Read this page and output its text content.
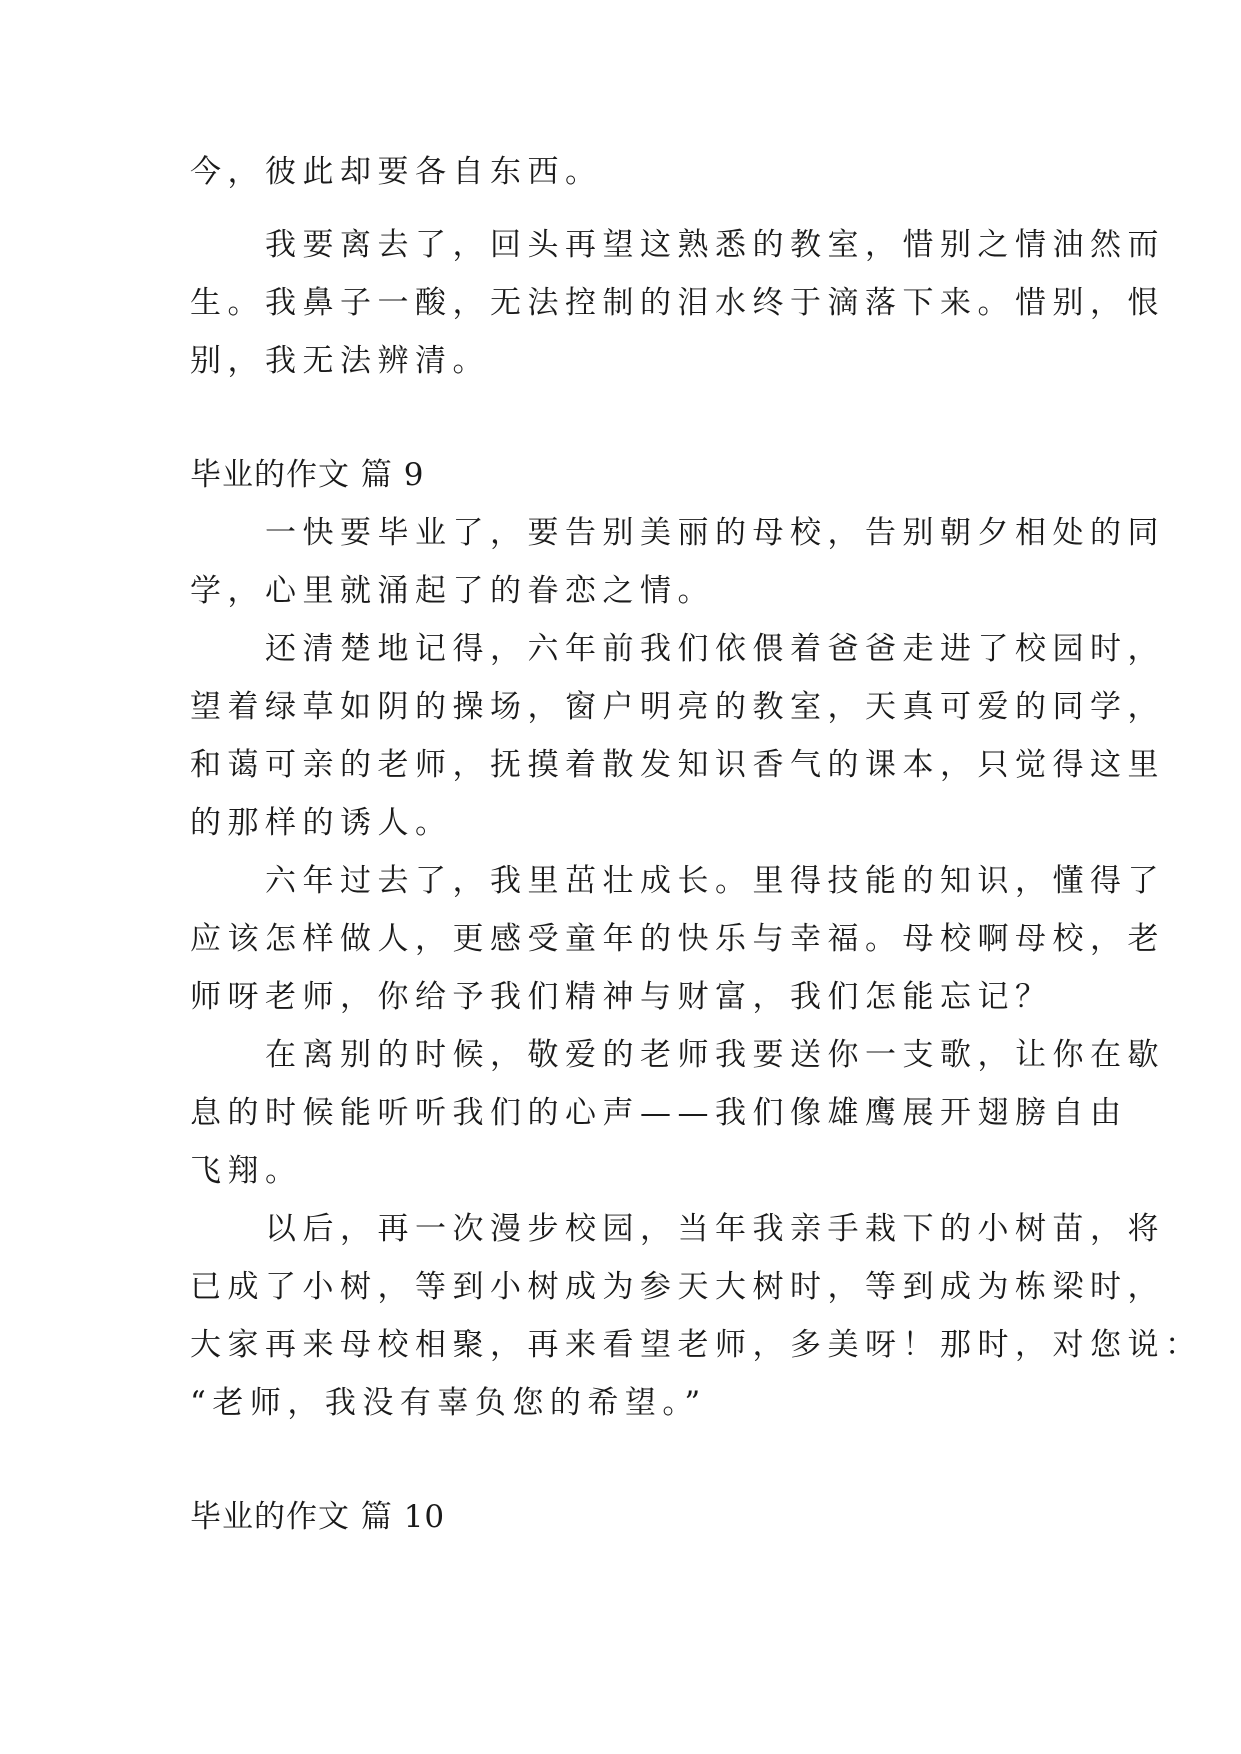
今，彼此却要各自东西。
　　我要离去了，回头再望这熟悉的教室，惜别之情油然而
生。我鼻子一酸，无法控制的泪水终于滴落下来。惜别，恨
别，我无法辨清。
毕业的作文 篇 9
　　一快要毕业了，要告别美丽的母校，告别朝夕相处的同
学，心里就涌起了的眷恋之情。
　　还清楚地记得，六年前我们依偎着爸爸走进了校园时，
望着绿草如阴的操场，窗户明亮的教室，天真可爱的同学，
和蔼可亲的老师，抚摸着散发知识香气的课本，只觉得这里
的那样的诱人。
　　六年过去了，我里茁壮成长。里得技能的知识，懂得了
应该怎样做人，更感受童年的快乐与幸福。母校啊母校，老
师呀老师，你给予我们精神与财富，我们怎能忘记？
　　在离别的时候，敬爱的老师我要送你一支歌，让你在歇
息的时候能听听我们的心声——我们像雄鹰展开翅膀自由
飞翔。
　　以后，再一次漫步校园，当年我亲手栽下的小树苗，将
已成了小树，等到小树成为参天大树时，等到成为栋梁时，
大家再来母校相聚，再来看望老师，多美呀！那时，对您说：
“老师，我没有辜负您的希望。”
毕业的作文 篇 10
